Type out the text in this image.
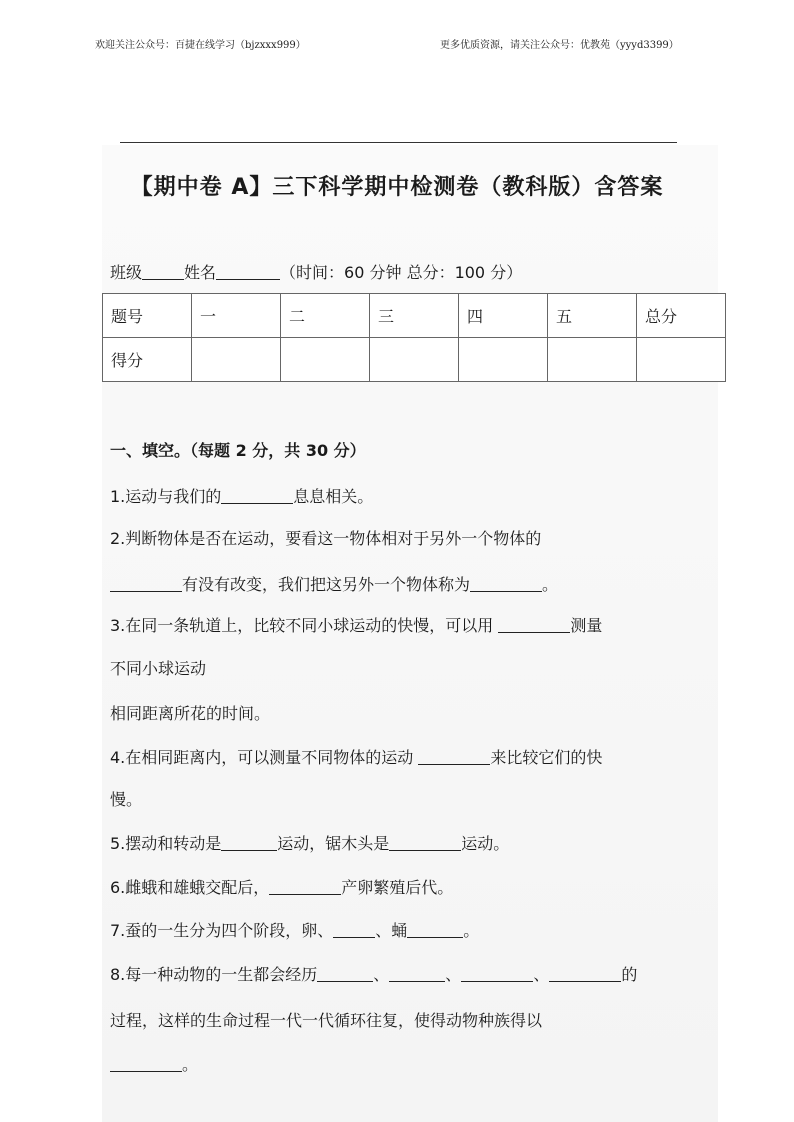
欢迎关注公众号：百捷在线学习（bjzxxx999）	更多优质资源，请关注公众号：优教苑（yyyd3399）
【期中卷 A】三下科学期中检测卷（教科版）含答案
班级	姓名	（时间：60 分钟 总分：100 分）
题号	一	二	三	四	五	总分
得分						
一、填空。（每题 2 分，共 30 分）
1.运动与我们的	息息相关。
2.判断物体是否在运动，要看这一物体相对于另外一个物体的
有没有改变，我们把这另外一个物体称为	。
3.在同一条轨道上，比较不同小球运动的快慢，可以用	测量
不同小球运动
相同距离所花的时间。
4.在相同距离内，可以测量不同物体的运动	来比较它们的快
慢。
5.摆动和转动是	运动，锯木头是	运动。
6.雌蛾和雄蛾交配后，	产卵繁殖后代。
7.蚕的一生分为四个阶段，卵、	、蛹	。
8.每一种动物的一生都会经历	、	、	、	的
过程，这样的生命过程一代一代循环往复，使得动物种族得以
。
